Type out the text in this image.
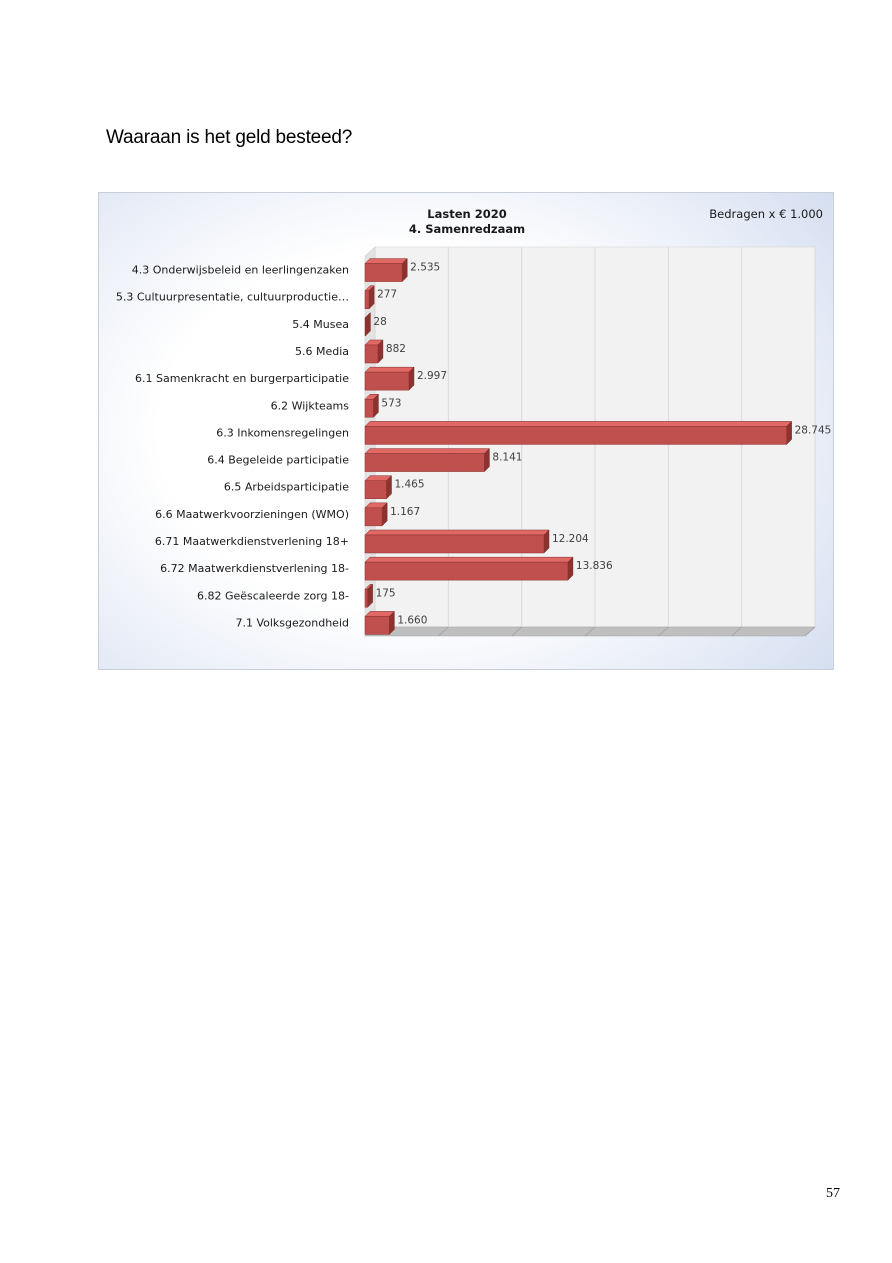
Waaraan is het geld besteed?
4.3 Onderwijsbeleid en leerlingenzaken
5.3 Cultuurpresentatie, cultuurproductie…
5.4 Musea
5.6 Media
6.1 Samenkracht en burgerparticipatie
6.2 Wijkteams
6.3 Inkomensregelingen
6.4 Begeleide participatie
6.5 Arbeidsparticipatie
6.6 Maatwerkvoorzieningen (WMO)
6.71 Maatwerkdienstverlening 18+
6.72 Maatwerkdienstverlening 18-
6.82 Geëscaleerde zorg 18-
7.1 Volksgezondheid
2.535
277
28
882
2.997
573
28.745
8.141
1.465
1.167
12.204
13.836
175
1.660
Lasten 2020
4. Samenredzaam
Bedragen x € 1.000
57
